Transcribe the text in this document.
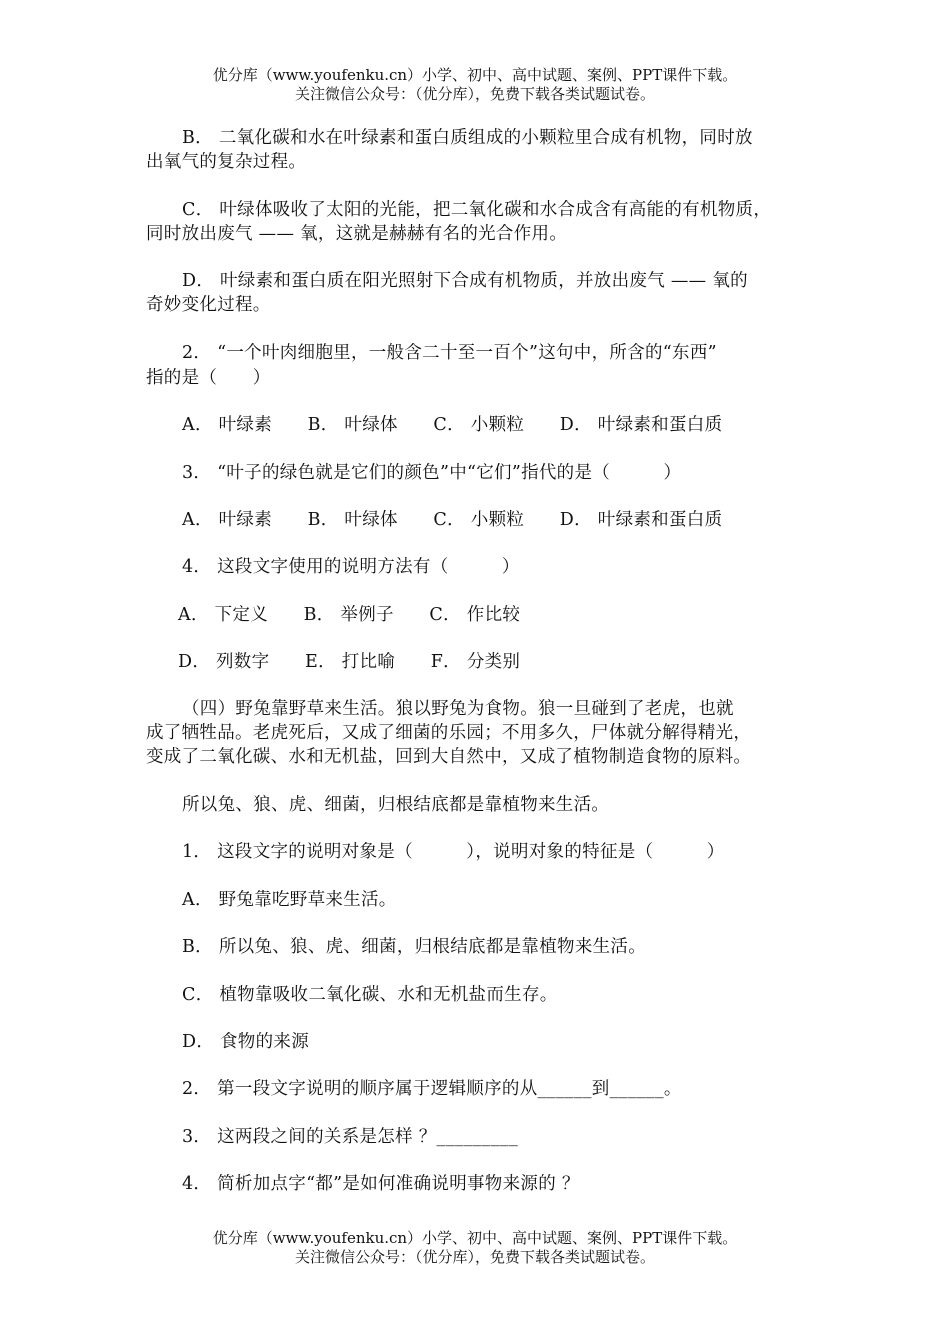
优分库（www.youfenku.cn）小学、初中、高中试题、案例、PPT课件下载。
关注微信公众号：（优分库），免费下载各类试题试卷。
B． 二氧化碳和水在叶绿素和蛋白质组成的小颗粒里合成有机物，同时放
出氧气的复杂过程。
C． 叶绿体吸收了太阳的光能，把二氧化碳和水合成含有高能的有机物质，
同时放出废气 —— 氧，这就是赫赫有名的光合作用。
D． 叶绿素和蛋白质在阳光照射下合成有机物质，并放出废气 —— 氧的
奇妙变化过程。
2． “一个叶肉细胞里，一般含二十至一百个”这句中，所含的“东西”
指的是（　　）
A． 叶绿素　　B． 叶绿体　　C． 小颗粒　　D． 叶绿素和蛋白质
3． “叶子的绿色就是它们的颜色”中“它们”指代的是（　　　）
A． 叶绿素　　B． 叶绿体　　C． 小颗粒　　D． 叶绿素和蛋白质
4． 这段文字使用的说明方法有（　　　）
A． 下定义　　B． 举例子　　C． 作比较
D． 列数字　　E． 打比喻　　F． 分类别
（四）野兔靠野草来生活。狼以野兔为食物。狼一旦碰到了老虎，也就
成了牺牲品。老虎死后，又成了细菌的乐园；不用多久，尸体就分解得精光，
变成了二氧化碳、水和无机盐，回到大自然中，又成了植物制造食物的原料。
所以兔、狼、虎、细菌，归根结底都是靠植物来生活。
1． 这段文字的说明对象是（　　　），说明对象的特征是（　　　）
A． 野兔靠吃野草来生活。
B． 所以兔、狼、虎、细菌，归根结底都是靠植物来生活。
C． 植物靠吸收二氧化碳、水和无机盐而生存。
D． 食物的来源
2． 第一段文字说明的顺序属于逻辑顺序的从______到______。
3． 这两段之间的关系是怎样 ？_________
4． 简析加点字“都”是如何准确说明事物来源的 ？
优分库（www.youfenku.cn）小学、初中、高中试题、案例、PPT课件下载。
关注微信公众号：（优分库），免费下载各类试题试卷。
